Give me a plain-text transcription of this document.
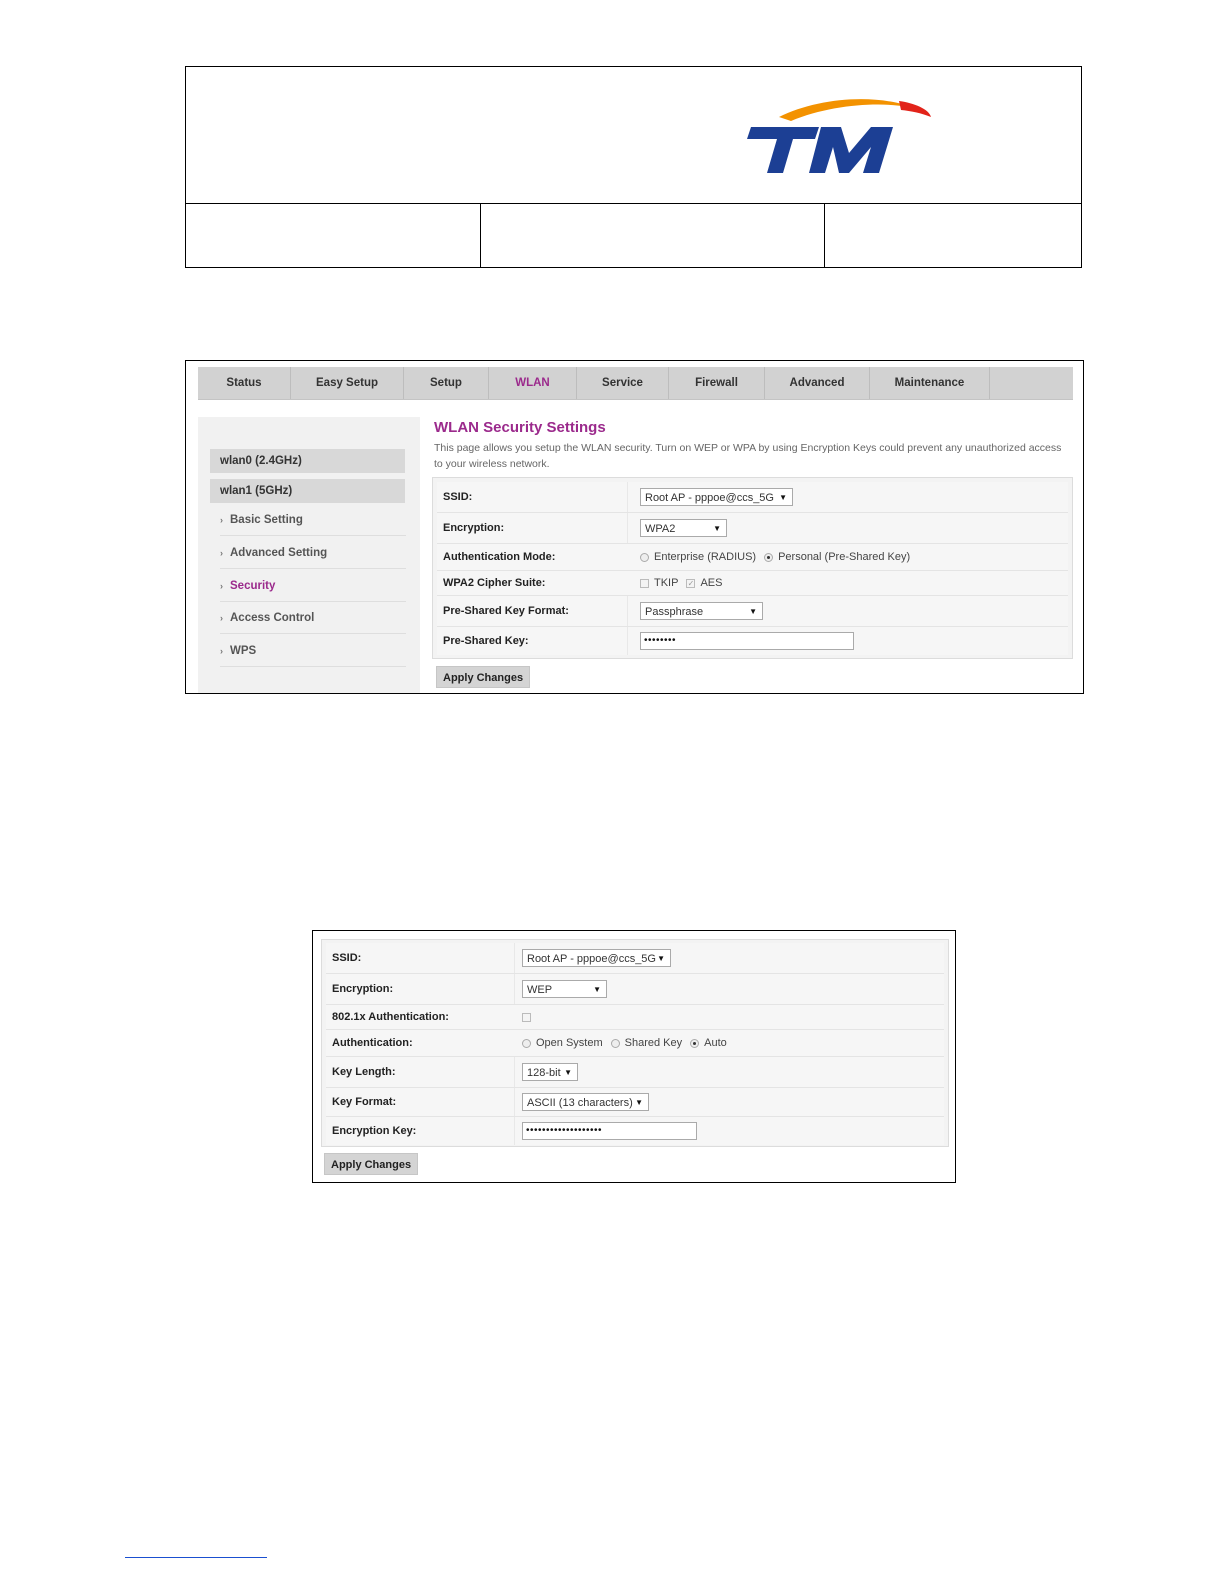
Status	Easy Setup	Setup	WLAN	Service	Firewall	Advanced	Maintenance
wlan0 (2.4GHz)
wlan1 (5GHz)
› Basic Setting
› Advanced Setting
› Security
› Access Control
› WPS
WLAN Security Settings
This page allows you setup the WLAN security. Turn on WEP or WPA by using Encryption Keys could prevent any unauthorized access to your wireless network.
SSID:	Root AP - pppoe@ccs_5G ▼
Encryption:	WPA2	▼
Authentication Mode:	Enterprise (RADIUS) Personal (Pre-Shared Key)
WPA2 Cipher Suite:	TKIP ✓ AES
Pre-Shared Key Format:	Passphrase	▼
Pre-Shared Key:	••••••••
Apply Changes
SSID:	Root AP - pppoe@ccs_5G ▼
Encryption:	WEP	▼
802.1x Authentication:
Authentication:	Open System Shared Key Auto
Key Length:	128-bit ▼
Key Format:	ASCII (13 characters) ▼
Encryption Key:	•••••••••••••••••••
Apply Changes
